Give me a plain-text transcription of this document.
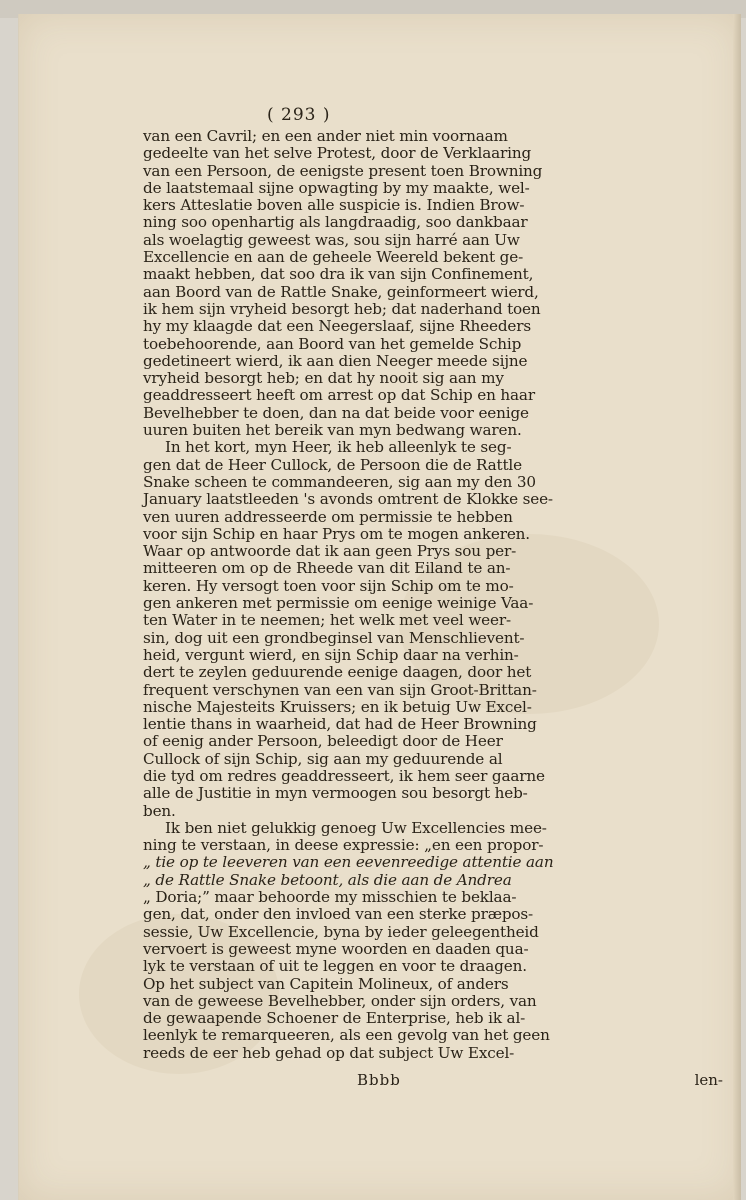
( 293 )
van een Cavril; en een ander niet min voornaam
gedeelte van het selve Protest, door de Verklaaring
van een Persoon, de eenigste present toen Browning
de laatstemaal sijne opwagting by my maakte, wel-
kers Atteslatie boven alle suspicie is. Indien Brow-
ning soo openhartig als langdraadig, soo dankbaar
als woelagtig geweest was, sou sijn harré aan Uw
Excellencie en aan de geheele Weereld bekent ge-
maakt hebben, dat soo dra ik van sijn Confinement,
aan Boord van de Rattle Snake, geinformeert wierd,
ik hem sijn vryheid besorgt heb; dat naderhand toen
hy my klaagde dat een Neegerslaaf, sijne Rheeders
toebehoorende, aan Boord van het gemelde Schip
gedetineert wierd, ik aan dien Neeger meede sijne
vryheid besorgt heb; en dat hy nooit sig aan my
geaddresseert heeft om arrest op dat Schip en haar
Bevelhebber te doen, dan na dat beide voor eenige
uuren buiten het bereik van myn bedwang waren.
In het kort, myn Heer, ik heb alleenlyk te seg-
gen dat de Heer Cullock, de Persoon die de Rattle
Snake scheen te commandeeren, sig aan my den 30
January laatstleeden 's avonds omtrent de Klokke see-
ven uuren addresseerde om permissie te hebben
voor sijn Schip en haar Prys om te mogen ankeren.
Waar op antwoorde dat ik aan geen Prys sou per-
mitteeren om op de Rheede van dit Eiland te an-
keren. Hy versogt toen voor sijn Schip om te mo-
gen ankeren met permissie om eenige weinige Vaa-
ten Water in te neemen; het welk met veel weer-
sin, dog uit een grondbeginsel van Menschlievent-
heid, vergunt wierd, en sijn Schip daar na verhin-
dert te zeylen geduurende eenige daagen, door het
frequent verschynen van een van sijn Groot-Brittan-
nische Majesteits Kruissers; en ik betuig Uw Excel-
lentie thans in waarheid, dat had de Heer Browning
of eenig ander Persoon, beleedigt door de Heer
Cullock of sijn Schip, sig aan my geduurende al
die tyd om redres geaddresseert, ik hem seer gaarne
alle de Justitie in myn vermoogen sou besorgt heb-
ben.
Ik ben niet gelukkig genoeg Uw Excellencies mee-
ning te verstaan, in deese expressie: „en een propor-
„ tie op te leeveren van een eevenreedige attentie aan
„ de Rattle Snake betoont, als die aan de Andrea
„ Doria;” maar behoorde my misschien te beklaa-
gen, dat, onder den invloed van een sterke præpos-
sessie, Uw Excellencie, byna by ieder geleegentheid
vervoert is geweest myne woorden en daaden qua-
lyk te verstaan of uit te leggen en voor te draagen.
Op het subject van Capitein Molineux, of anders
van de geweese Bevelhebber, onder sijn orders, van
de gewaapende Schoener de Enterprise, heb ik al-
leenlyk te remarqueeren, als een gevolg van het geen
reeds de eer heb gehad op dat subject Uw Excel-
Bbbb	len-
